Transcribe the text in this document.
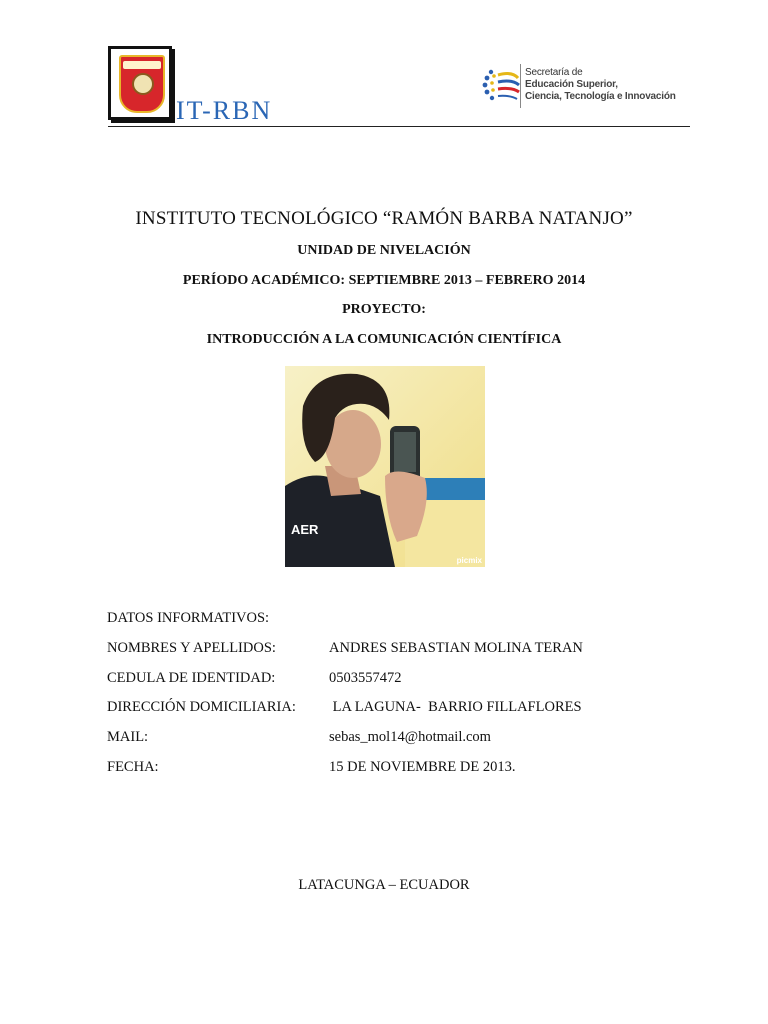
IT-RBN
Secretaría de
Educación Superior,
Ciencia, Tecnología e Innovación
INSTITUTO TECNOLÓGICO “RAMÓN BARBA NATANJO”
UNIDAD DE NIVELACIÓN
PERÍODO ACADÉMICO: SEPTIEMBRE 2013 – FEBRERO 2014
PROYECTO:
INTRODUCCIÓN A LA COMUNICACIÓN CIENTÍFICA
AER
picmix
DATOS INFORMATIVOS:
NOMBRES Y APELLIDOS:	ANDRES SEBASTIAN MOLINA TERAN
CEDULA DE IDENTIDAD:	0503557472
DIRECCIÓN DOMICILIARIA: LA LAGUNA-  BARRIO FILLAFLORES
MAIL:	sebas_mol14@hotmail.com
FECHA:	15 DE NOVIEMBRE DE 2013.
LATACUNGA – ECUADOR
